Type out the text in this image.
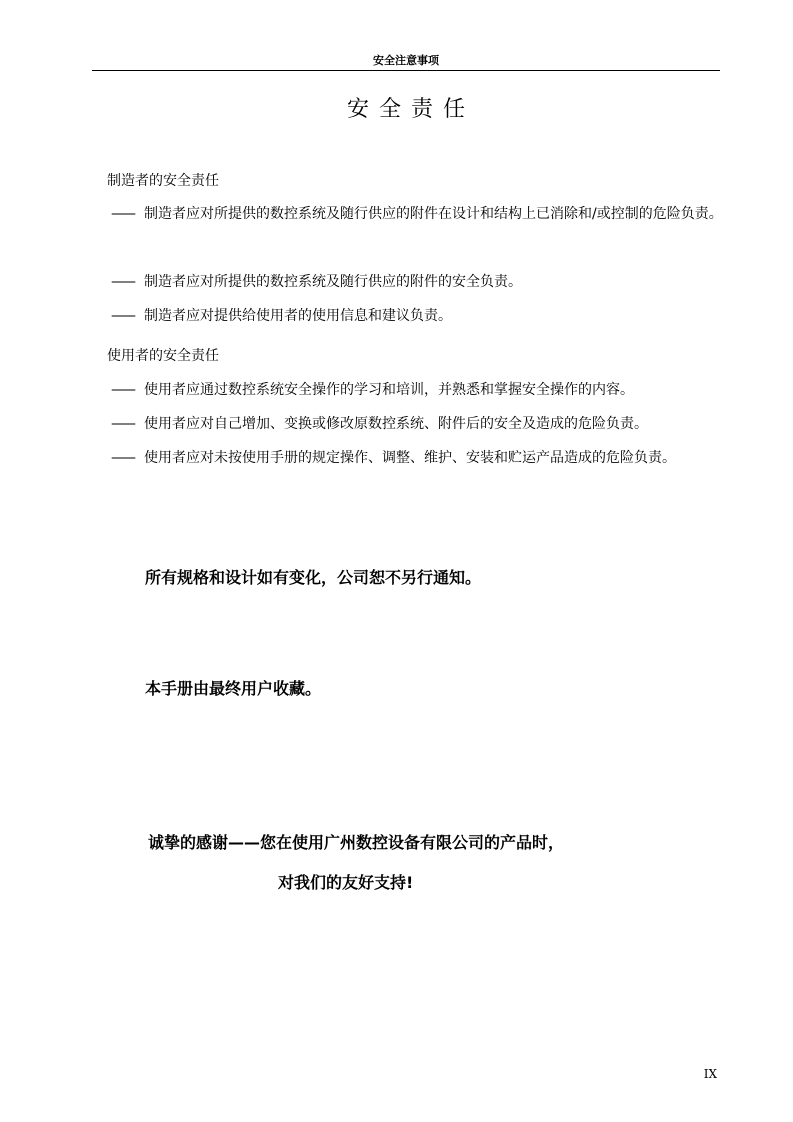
安全注意事项
安全责任
制造者的安全责任
—— 制造者应对所提供的数控系统及随行供应的附件在设计和结构上已消除和/或控制的危险负责。
—— 制造者应对所提供的数控系统及随行供应的附件的安全负责。
—— 制造者应对提供给使用者的使用信息和建议负责。
使用者的安全责任
—— 使用者应通过数控系统安全操作的学习和培训，并熟悉和掌握安全操作的内容。
—— 使用者应对自己增加、变换或修改原数控系统、附件后的安全及造成的危险负责。
—— 使用者应对未按使用手册的规定操作、调整、维护、安装和贮运产品造成的危险负责。
所有规格和设计如有变化，公司恕不另行通知。
本手册由最终用户收藏。
诚挚的感谢——您在使用广州数控设备有限公司的产品时，
对我们的友好支持!
IX
